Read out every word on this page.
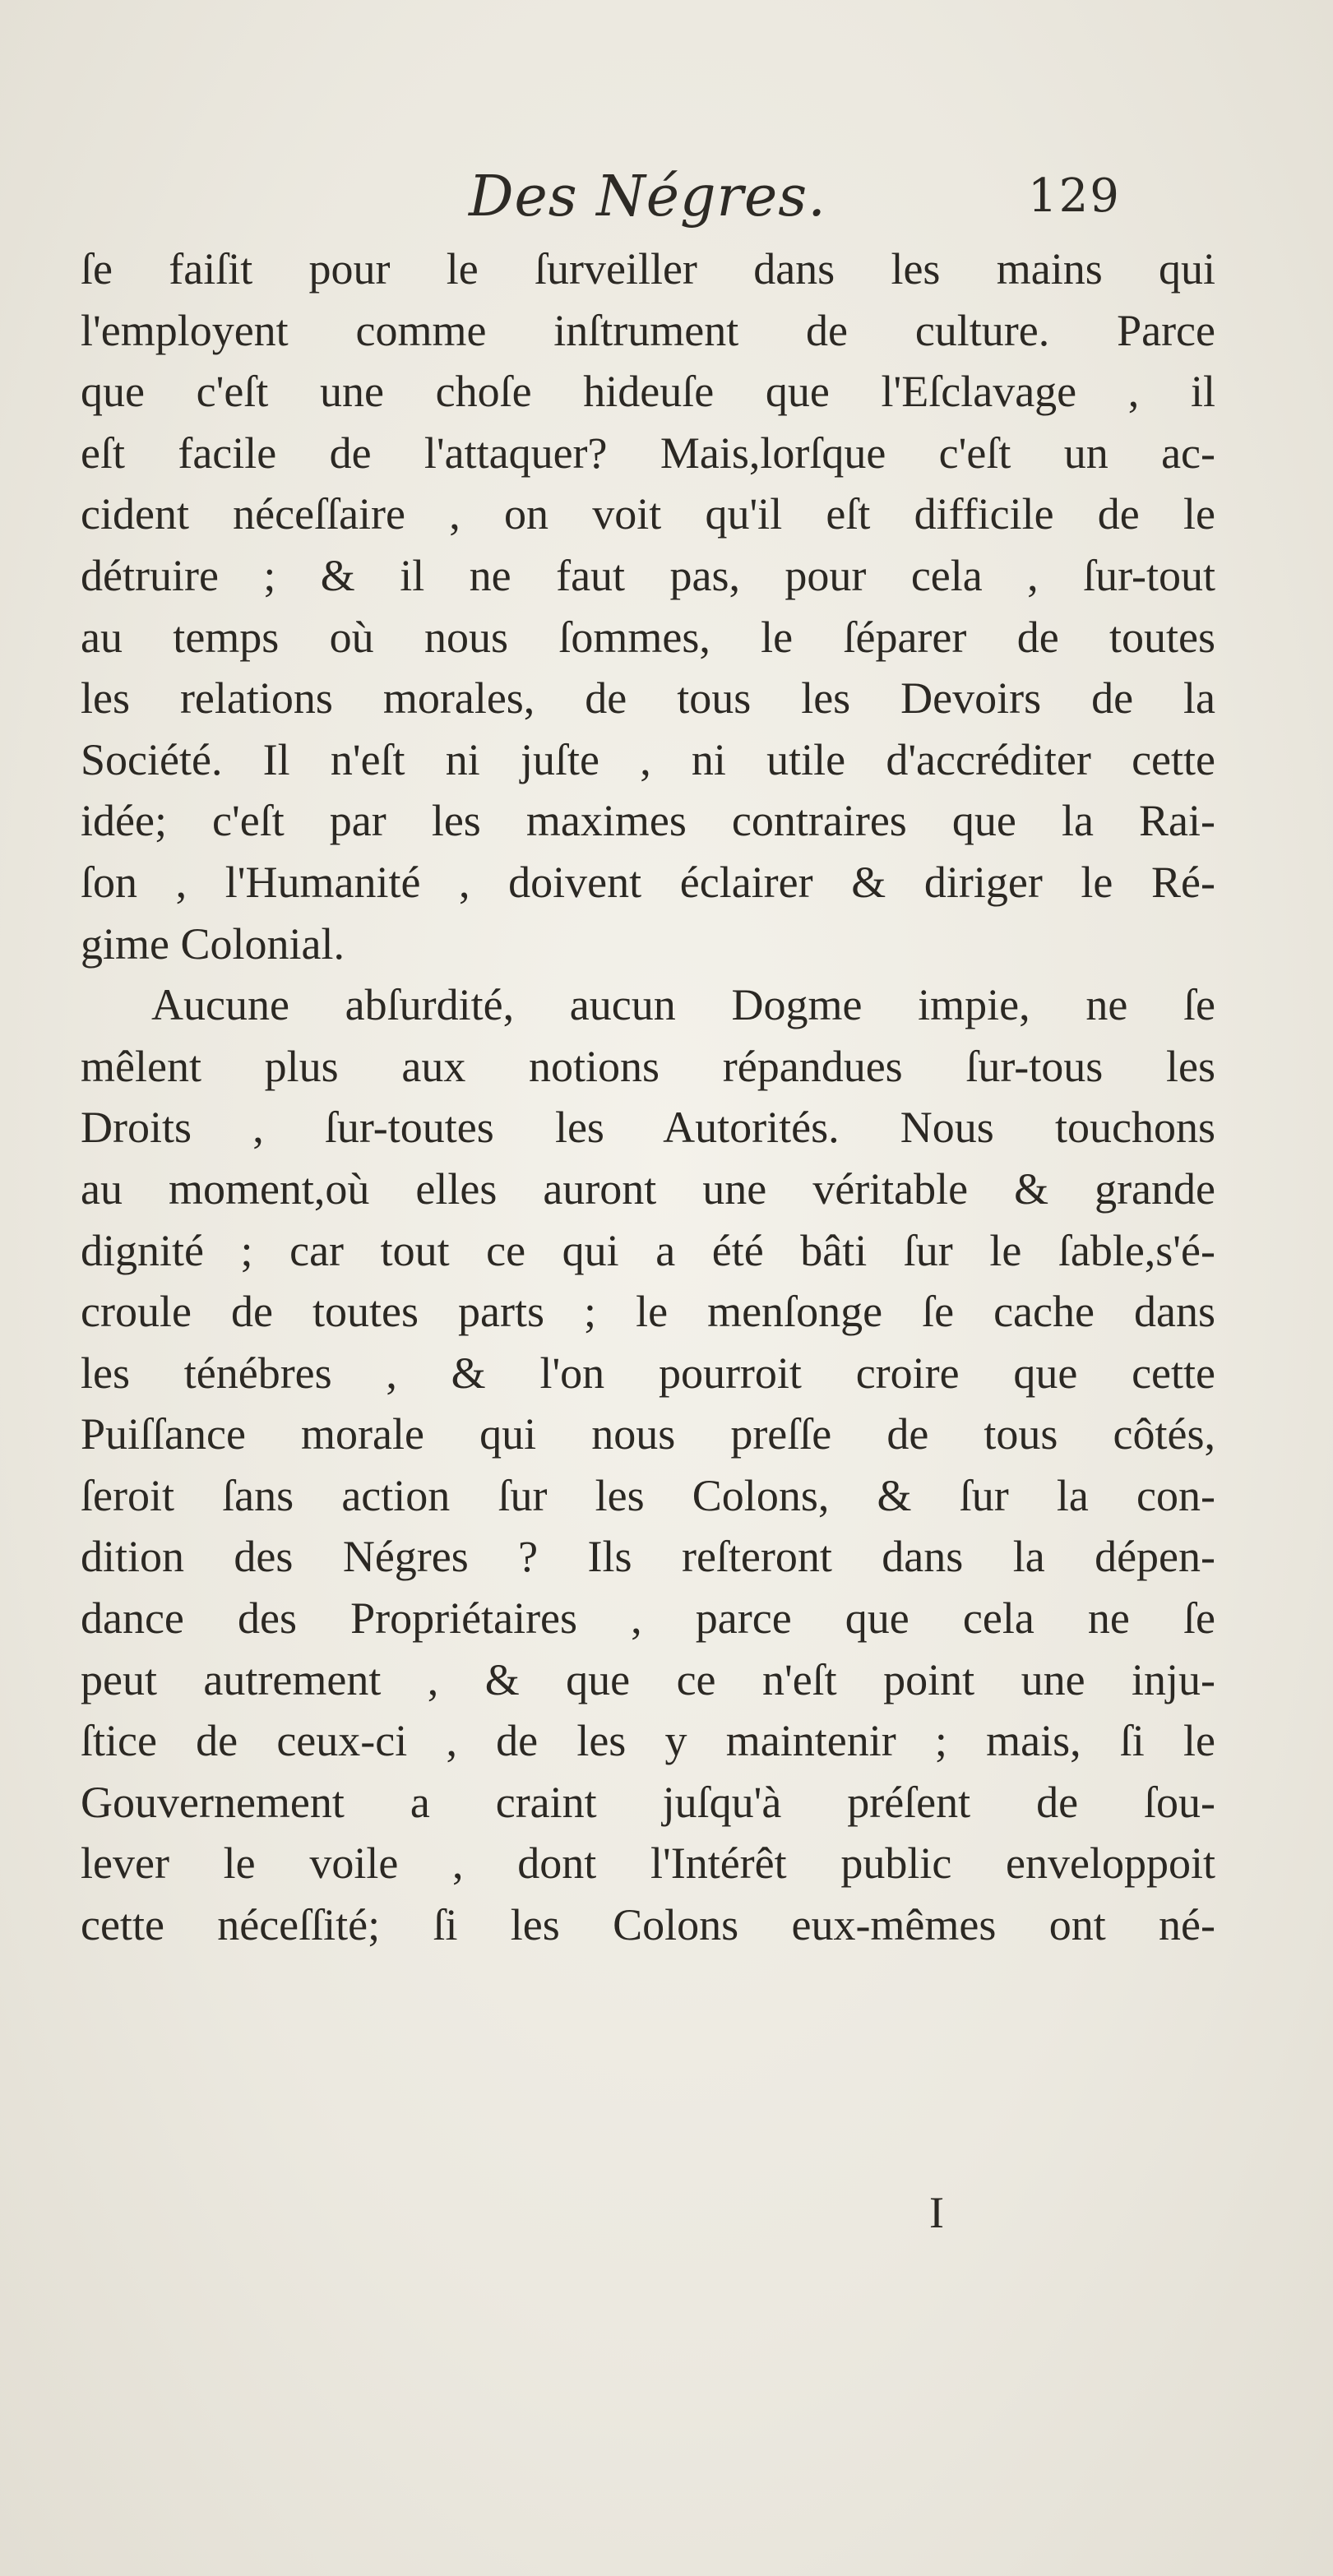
Des Négres.	129
ſe faiſit pour le ſurveiller dans les mains qui
l'employent comme inſtrument de culture. Parce
que c'eſt une choſe hideuſe que l'Eſclavage , il
eſt facile de l'attaquer? Mais,lorſque c'eſt un ac-
cident néceſſaire , on voit qu'il eſt difficile de le
détruire ; & il ne faut pas, pour cela , ſur-tout
au temps où nous ſommes, le ſéparer de toutes
les relations morales, de tous les Devoirs de la
Société. Il n'eſt ni juſte , ni utile d'accréditer cette
idée; c'eſt par les maximes contraires que la Rai-
ſon , l'Humanité , doivent éclairer & diriger le Ré-
gime Colonial.
Aucune abſurdité, aucun Dogme impie, ne ſe
mêlent plus aux notions répandues ſur-tous les
Droits , ſur-toutes les Autorités. Nous touchons
au moment,où elles auront une véritable & grande
dignité ; car tout ce qui a été bâti ſur le ſable,s'é-
croule de toutes parts ; le menſonge ſe cache dans
les ténébres , & l'on pourroit croire que cette
Puiſſance morale qui nous preſſe de tous côtés,
ſeroit ſans action ſur les Colons, & ſur la con-
dition des Négres ? Ils reſteront dans la dépen-
dance des Propriétaires , parce que cela ne ſe
peut autrement , & que ce n'eſt point une inju-
ſtice de ceux-ci , de les y maintenir ; mais, ſi le
Gouvernement a craint juſqu'à préſent de ſou-
lever le voile , dont l'Intérêt public enveloppoit
cette néceſſité; ſi les Colons eux-mêmes ont né-
I
